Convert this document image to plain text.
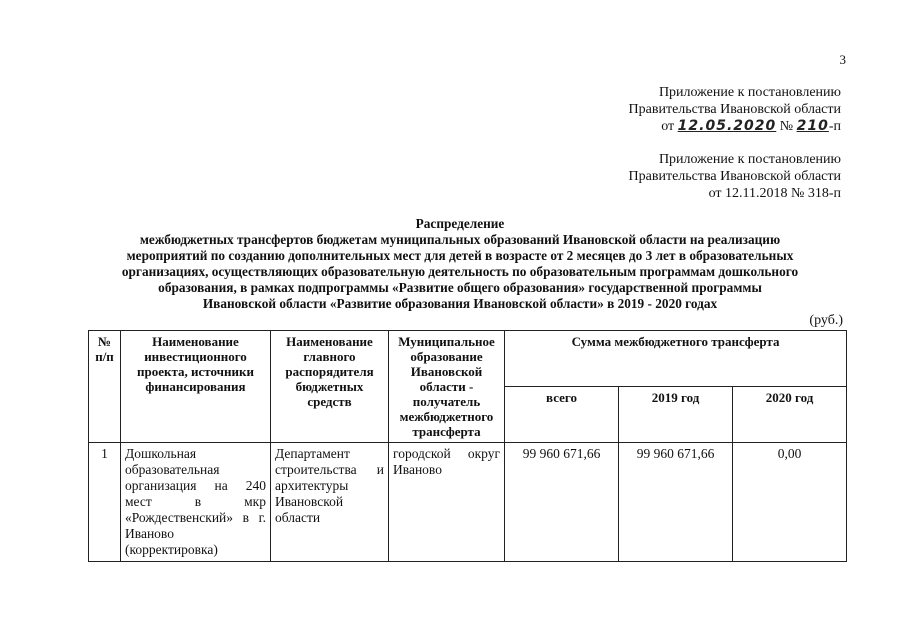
3
Приложение к постановлению
Правительства Ивановской области
от 12.05.2020 № 210-п
Приложение к постановлению
Правительства Ивановской области
от 12.11.2018 № 318-п
Распределение
межбюджетных трансфертов бюджетам муниципальных образований Ивановской области на реализацию
мероприятий по созданию дополнительных мест для детей в возрасте от 2 месяцев до 3 лет в образовательных
организациях, осуществляющих образовательную деятельность по образовательным программам дошкольного
образования, в рамках подпрограммы «Развитие общего образования» государственной программы
Ивановской области «Развитие образования Ивановской области» в 2019 - 2020 годах
(руб.)
№ п/п	Наименование инвестиционного проекта, источники финансирования	Наименование главного распорядителя бюджетных средств	Муниципальное образование Ивановской области - получатель межбюджетного трансферта	Сумма межбюджетного трансферта		
				всего	2019 год	2020 год
1	Дошкольная образовательная организация на 240 мест в мкр «Рождественский» в г. Иваново (корректировка)	Департамент строительства и архитектуры Ивановской области	городской округ Иваново	99 960 671,66	99 960 671,66	0,00
